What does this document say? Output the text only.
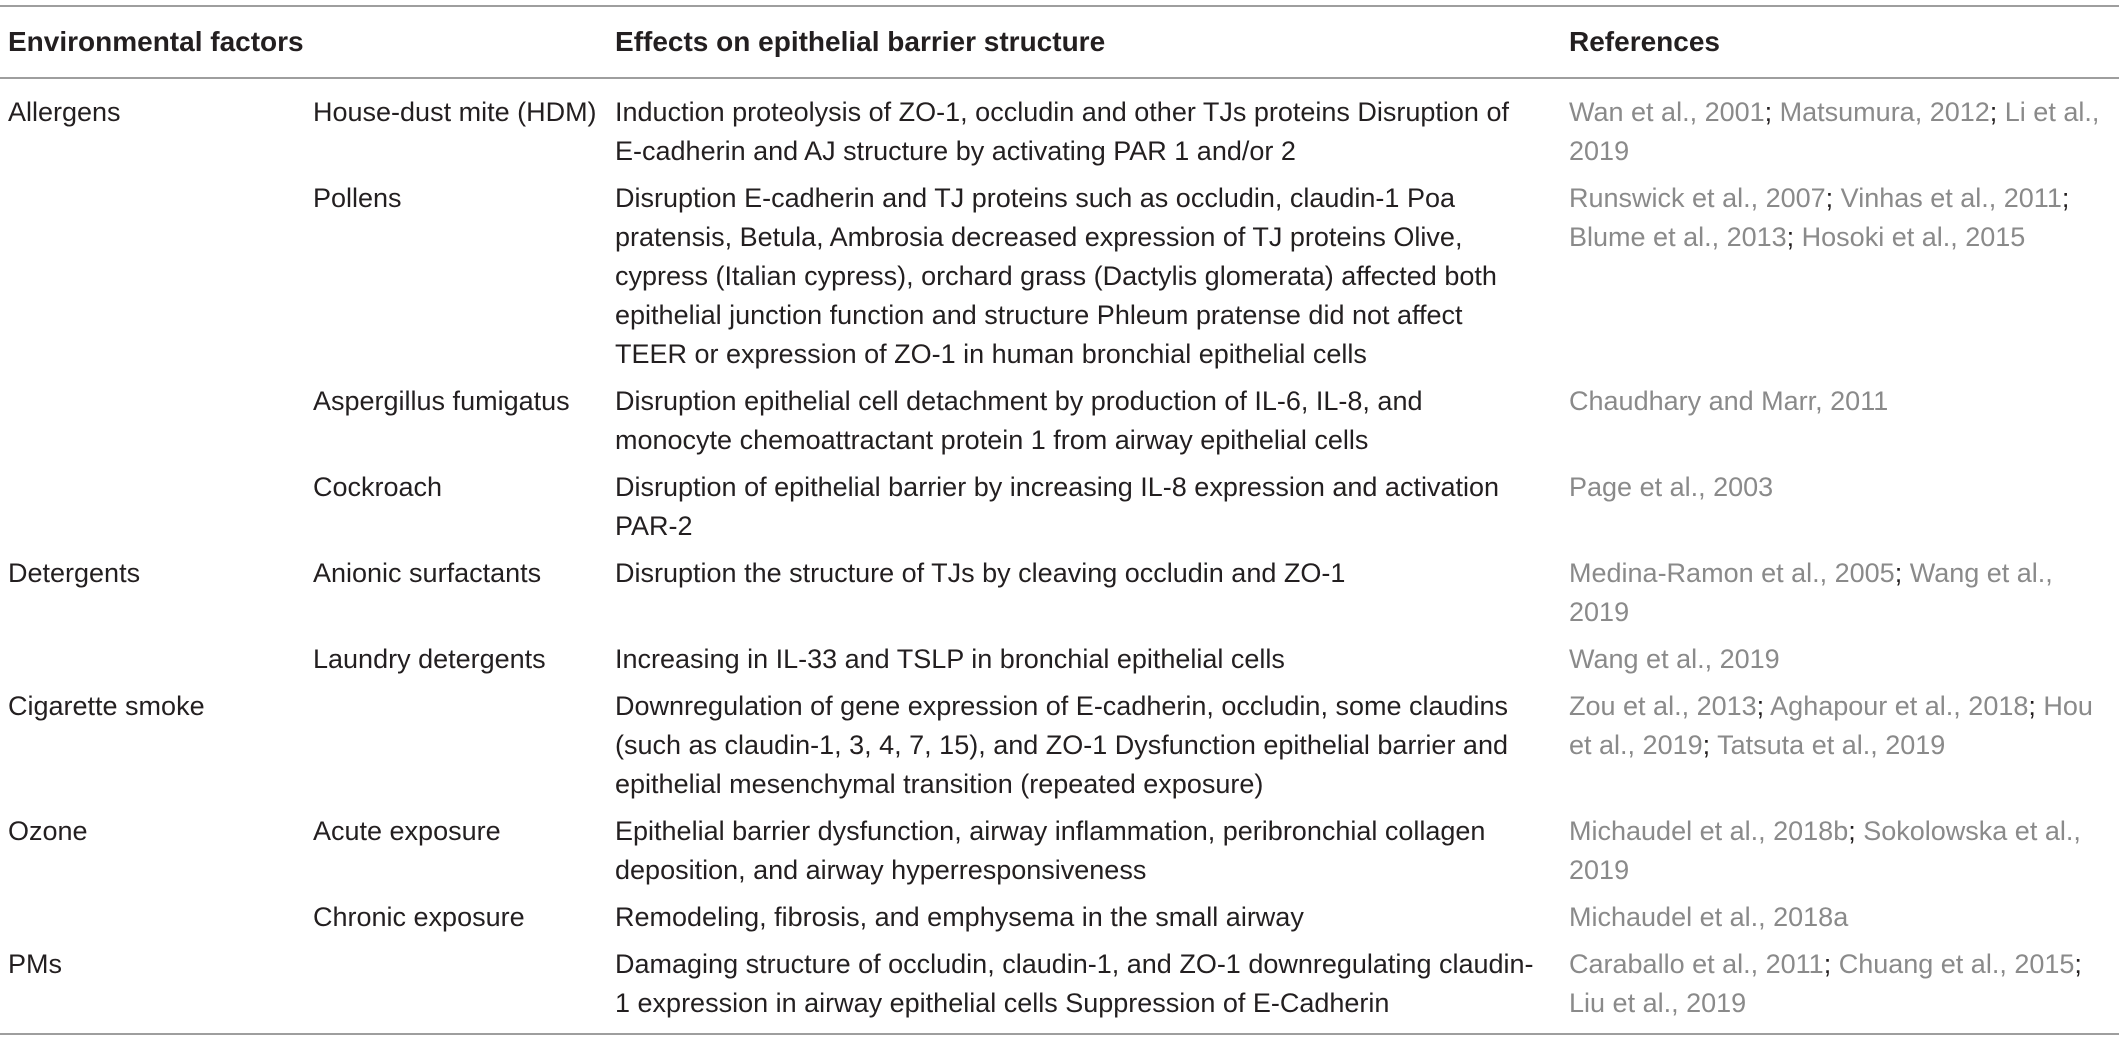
Environmental factors		Effects on epithelial barrier structure	References
Allergens	House-dust mite (HDM)	Induction proteolysis of ZO-1, occludin and other TJs proteins Disruption of E-cadherin and AJ structure by activating PAR 1 and/or 2	Wan et al., 2001; Matsumura, 2012; Li et al., 2019
	Pollens	Disruption E-cadherin and TJ proteins such as occludin, claudin-1 Poa pratensis, Betula, Ambrosia decreased expression of TJ proteins Olive, cypress (Italian cypress), orchard grass (Dactylis glomerata) affected both epithelial junction function and structure Phleum pratense did not affect TEER or expression of ZO-1 in human bronchial epithelial cells	Runswick et al., 2007; Vinhas et al., 2011; Blume et al., 2013; Hosoki et al., 2015
	Aspergillus fumigatus	Disruption epithelial cell detachment by production of IL-6, IL-8, and monocyte chemoattractant protein 1 from airway epithelial cells	Chaudhary and Marr, 2011
	Cockroach	Disruption of epithelial barrier by increasing IL-8 expression and activation PAR-2	Page et al., 2003
Detergents	Anionic surfactants	Disruption the structure of TJs by cleaving occludin and ZO-1	Medina-Ramon et al., 2005; Wang et al., 2019
	Laundry detergents	Increasing in IL-33 and TSLP in bronchial epithelial cells	Wang et al., 2019
Cigarette smoke		Downregulation of gene expression of E-cadherin, occludin, some claudins (such as claudin-1, 3, 4, 7, 15), and ZO-1 Dysfunction epithelial barrier and epithelial mesenchymal transition (repeated exposure)	Zou et al., 2013; Aghapour et al., 2018; Hou et al., 2019; Tatsuta et al., 2019
Ozone	Acute exposure	Epithelial barrier dysfunction, airway inflammation, peribronchial collagen deposition, and airway hyperresponsiveness	Michaudel et al., 2018b; Sokolowska et al., 2019
	Chronic exposure	Remodeling, fibrosis, and emphysema in the small airway	Michaudel et al., 2018a
PMs		Damaging structure of occludin, claudin-1, and ZO-1 downregulating claudin-1 expression in airway epithelial cells Suppression of E-Cadherin	Caraballo et al., 2011; Chuang et al., 2015; Liu et al., 2019
